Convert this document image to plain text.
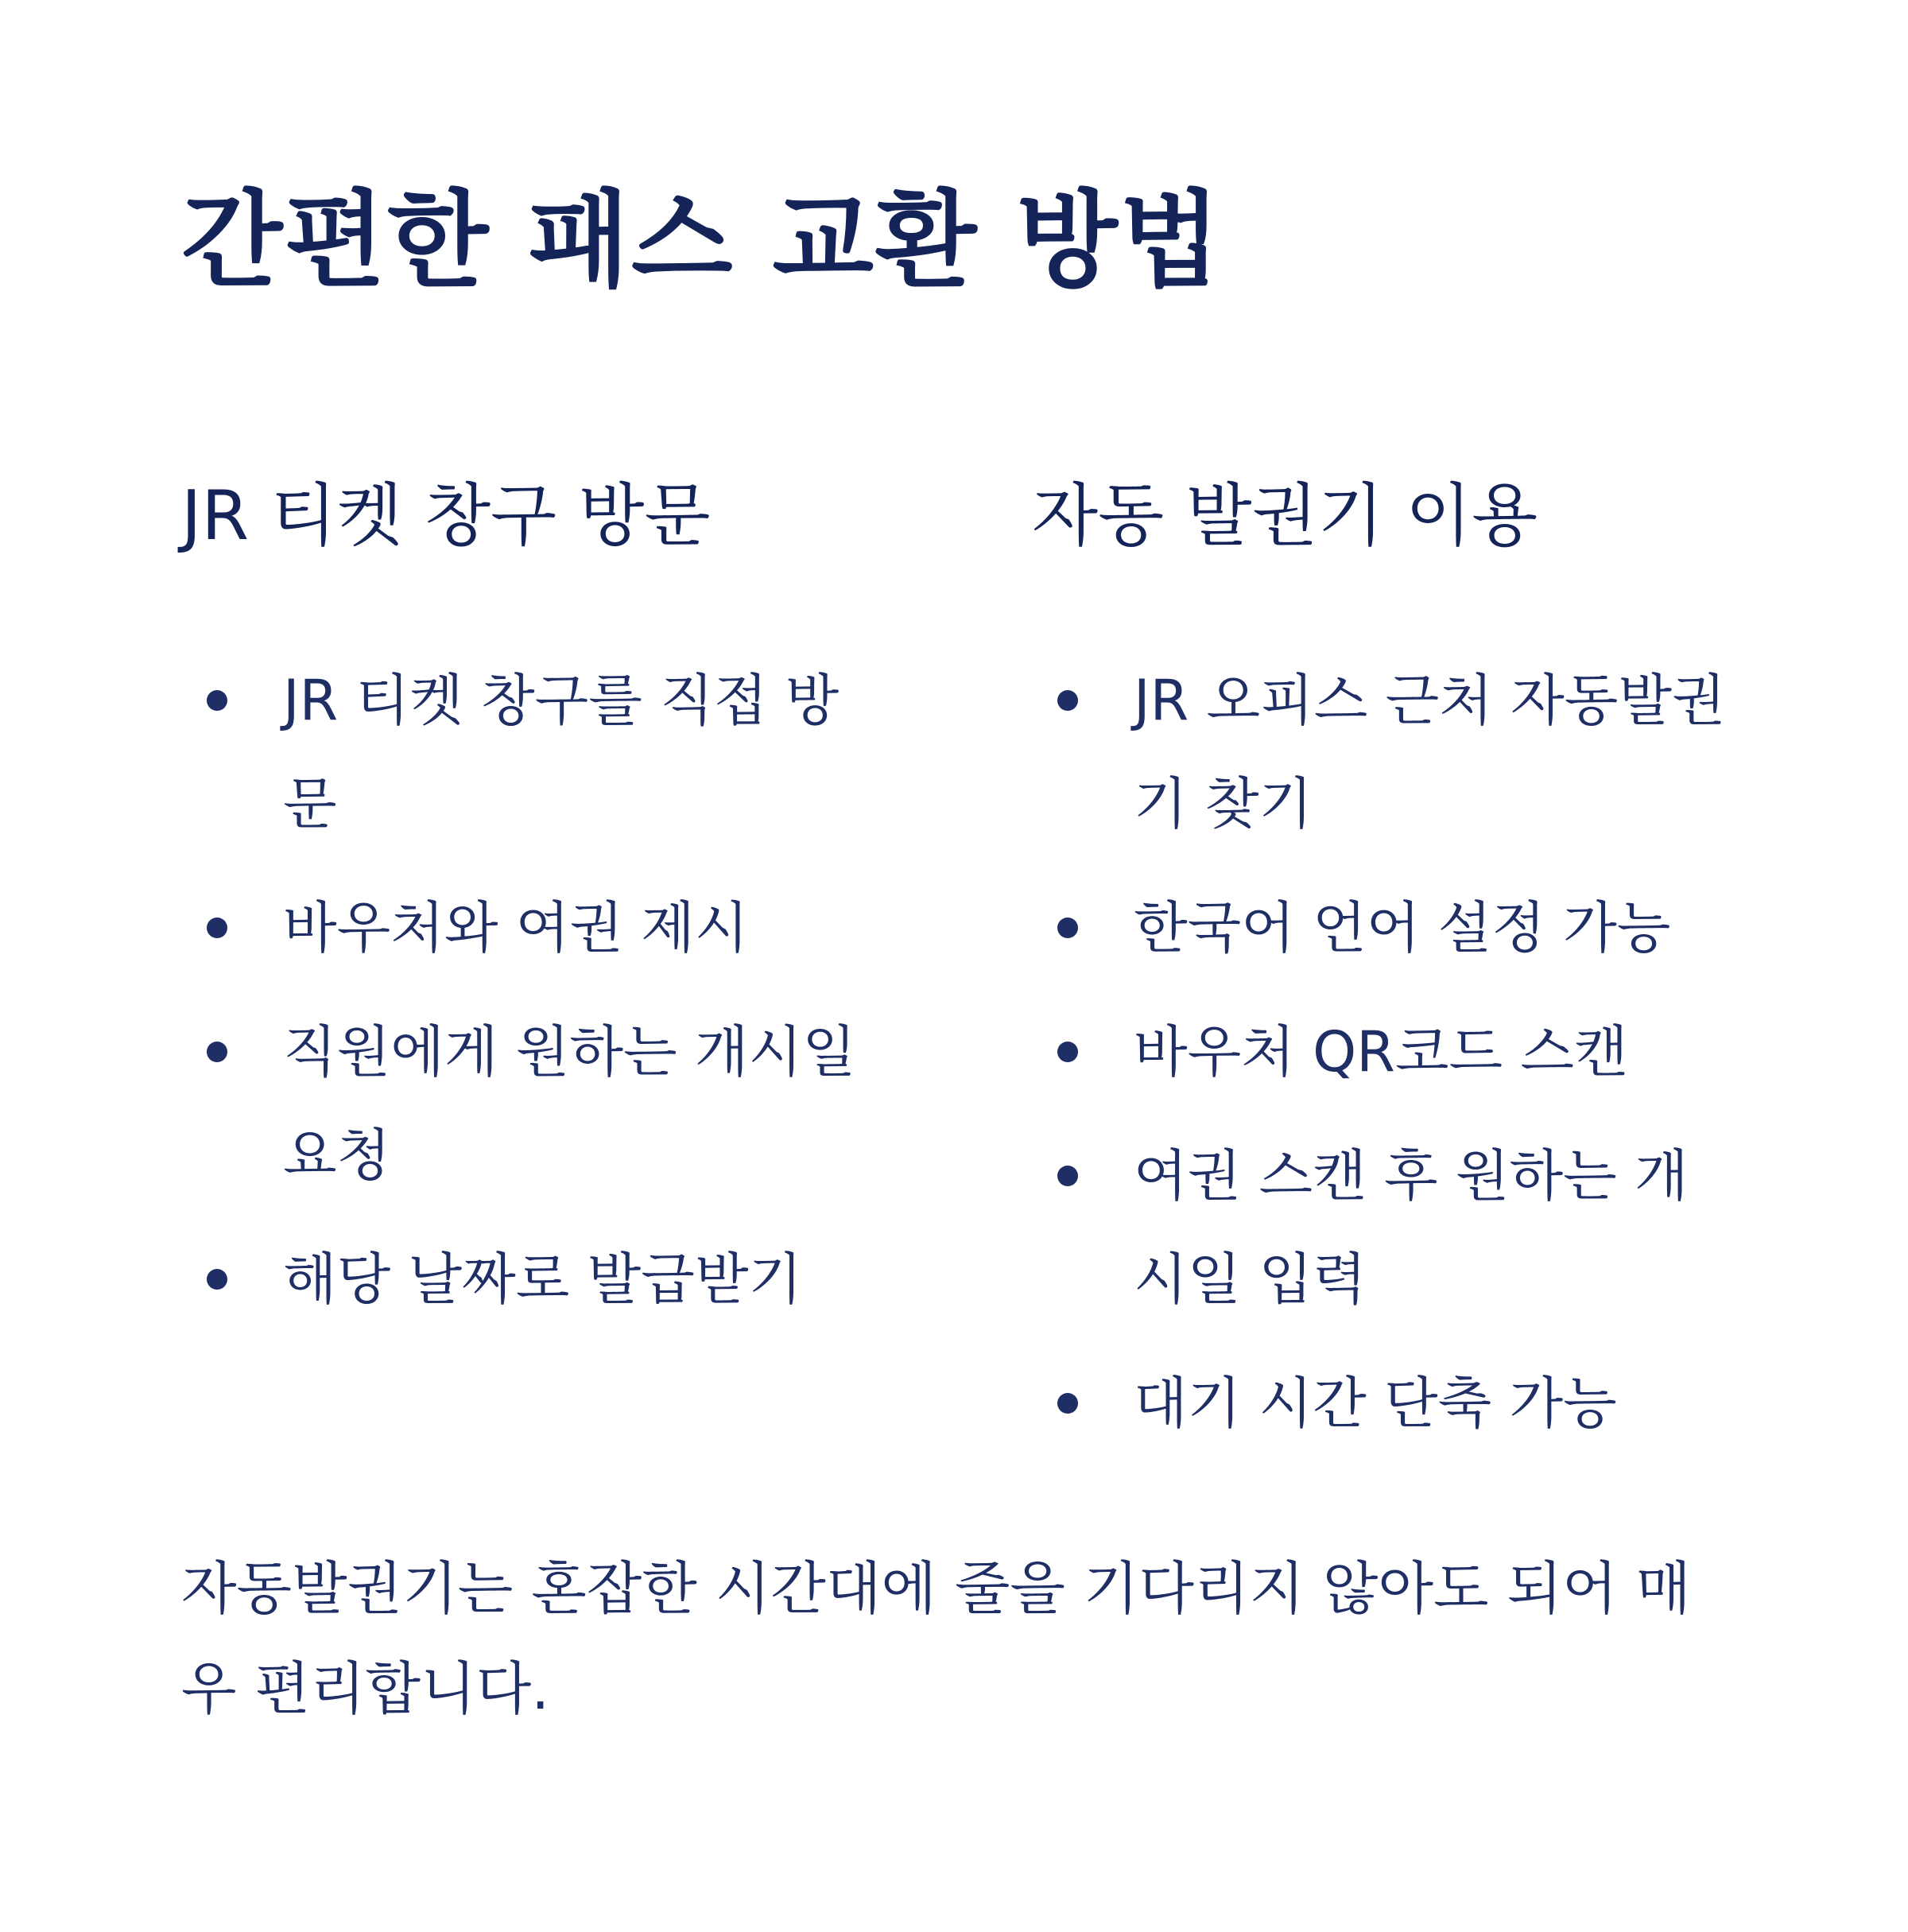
간편한 패스 교환 방법
JR 티켓 창구 방문
JR 티켓 창구를 직접 방문
바우처와 여권 제시
직원에게 원하는 개시일 요청
해당 날짜로 발급받기
자동 발권기 이용
JR 오피스 근처 자동발권기 찾기
한국어 언어 설정 가능
바우처 QR코드 스캔
여권 스캔 후 원하는 개시일 입력
대기 시간 단축 가능

자동발권기는 혼잡한 시간대에 줄을 기다리지 않아도 되어 매우 편리합니다.
